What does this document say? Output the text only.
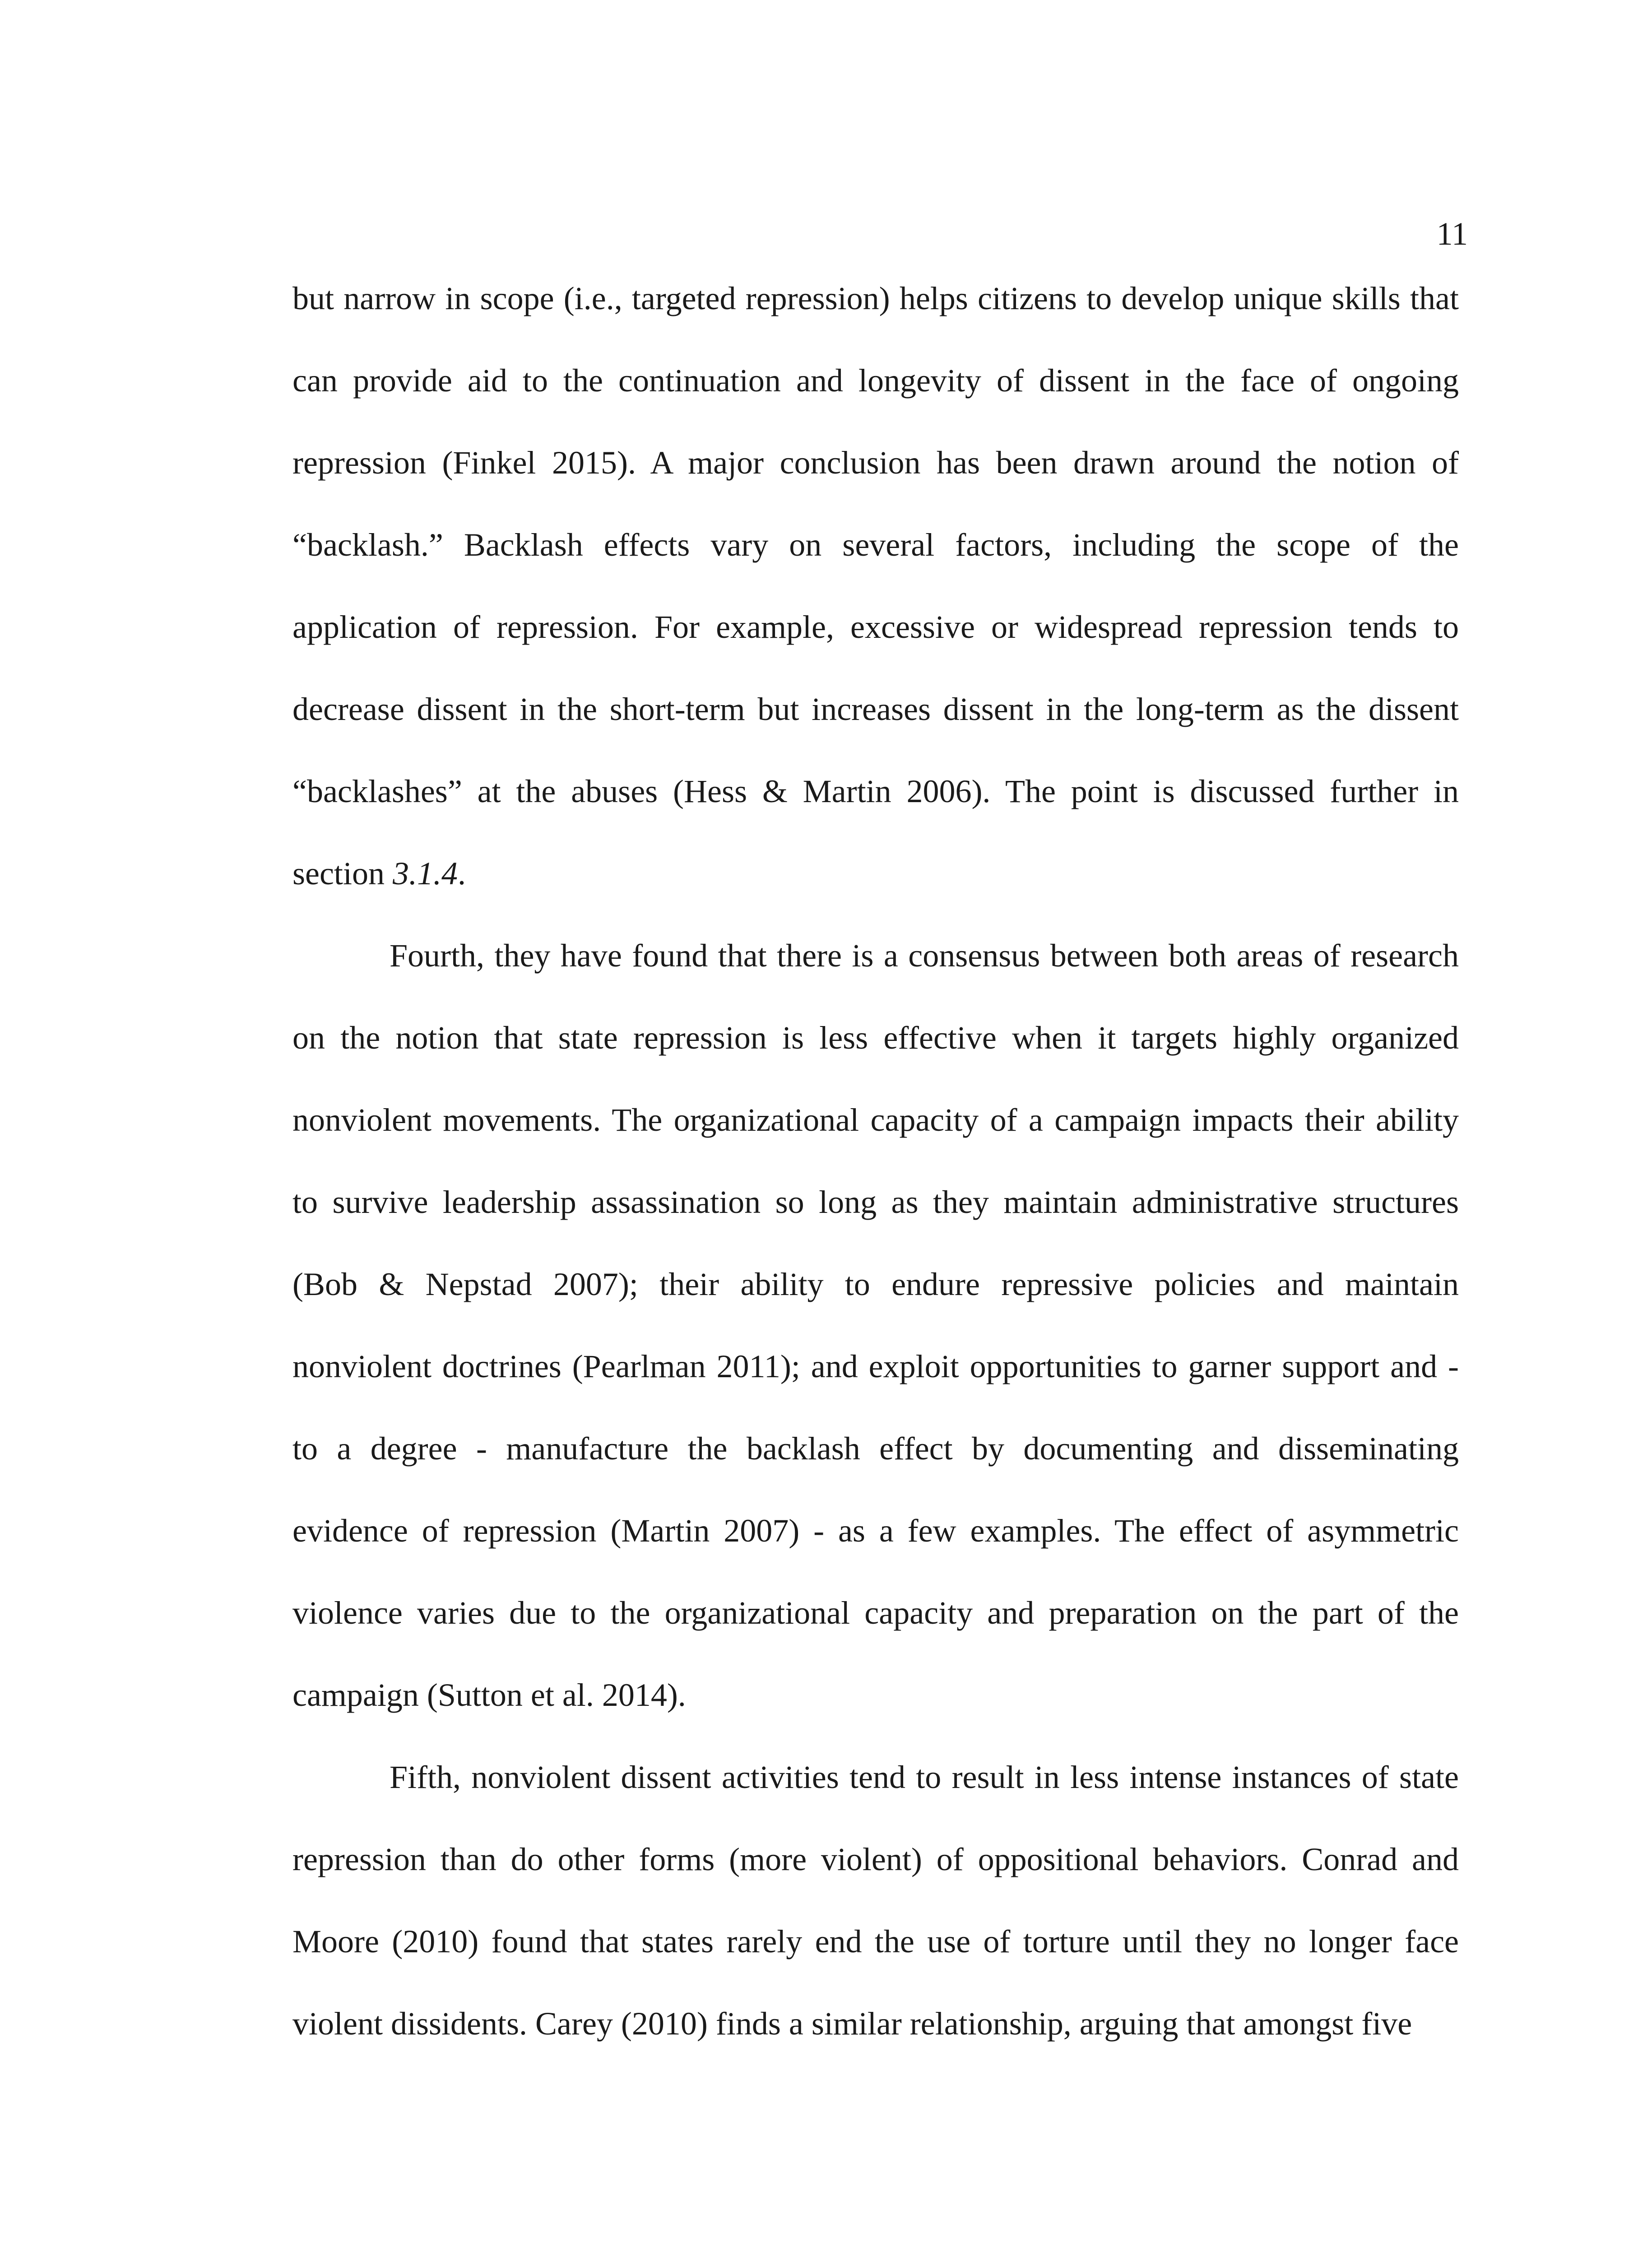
11

but narrow in scope (i.e., targeted repression) helps citizens to develop unique skills that can provide aid to the continuation and longevity of dissent in the face of ongoing repression (Finkel 2015). A major conclusion has been drawn around the notion of “backlash.” Backlash effects vary on several factors, including the scope of the application of repression. For example, excessive or widespread repression tends to decrease dissent in the short-term but increases dissent in the long-term as the dissent “backlashes” at the abuses (Hess & Martin 2006). The point is discussed further in section 3.1.4.

Fourth, they have found that there is a consensus between both areas of research on the notion that state repression is less effective when it targets highly organized nonviolent movements. The organizational capacity of a campaign impacts their ability to survive leadership assassination so long as they maintain administrative structures (Bob & Nepstad 2007); their ability to endure repressive policies and maintain nonviolent doctrines (Pearlman 2011); and exploit opportunities to garner support and - to a degree - manufacture the backlash effect by documenting and disseminating evidence of repression (Martin 2007) - as a few examples. The effect of asymmetric violence varies due to the organizational capacity and preparation on the part of the campaign (Sutton et al. 2014).

Fifth, nonviolent dissent activities tend to result in less intense instances of state repression than do other forms (more violent) of oppositional behaviors. Conrad and Moore (2010) found that states rarely end the use of torture until they no longer face violent dissidents. Carey (2010) finds a similar relationship, arguing that amongst five
